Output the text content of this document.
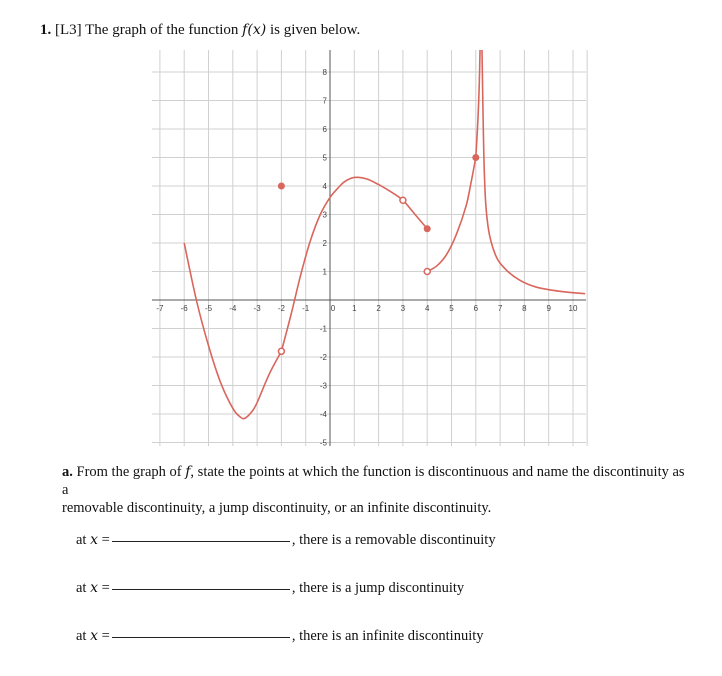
1. [L3] The graph of the function f(x) is given below.
-7 -6 -5 -4 -3 -2 -1	0 1 2 3 4 5 6 7 8 9 10
8
7
6
5
4
3
2
1
-1
-2
-3
-4
-5
a. From the graph of f, state the points at which the function is discontinuous and name the discontinuity as a
removable discontinuity, a jump discontinuity, or an infinite discontinuity.
at x =	, there is a removable discontinuity
at x =	, there is a jump discontinuity
at x =	, there is an infinite discontinuity
